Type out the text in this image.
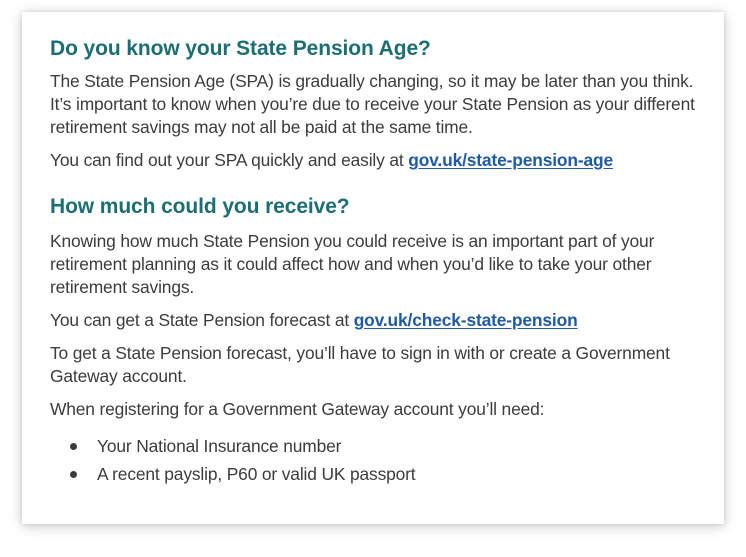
Do you know your State Pension Age?

The State Pension Age (SPA) is gradually changing, so it may be later than you think. It’s important to know when you’re due to receive your State Pension as your different retirement savings may not all be paid at the same time.

You can find out your SPA quickly and easily at gov.uk/state-pension-age

How much could you receive?

Knowing how much State Pension you could receive is an important part of your retirement planning as it could affect how and when you’d like to take your other retirement savings.

You can get a State Pension forecast at gov.uk/check-state-pension

To get a State Pension forecast, you’ll have to sign in with or create a Government Gateway account.

When registering for a Government Gateway account you’ll need:

Your National Insurance number
A recent payslip, P60 or valid UK passport
